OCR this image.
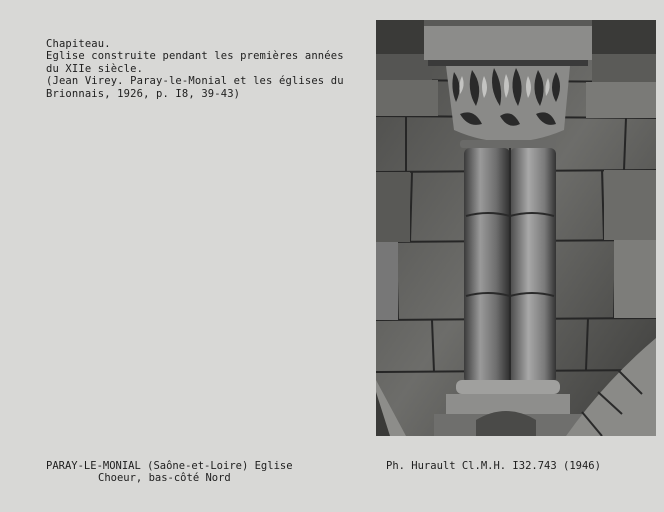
Chapiteau.
Eglise construite pendant les premières années
du XIIe siècle.
(Jean Virey. Paray-le-Monial et les églises du
Brionnais, 1926, p. I8, 39-43)
PARAY-LE-MONIAL (Saône-et-Loire) Eglise
Choeur, bas-côté Nord
Ph. Hurault Cl.M.H. I32.743 (1946)
